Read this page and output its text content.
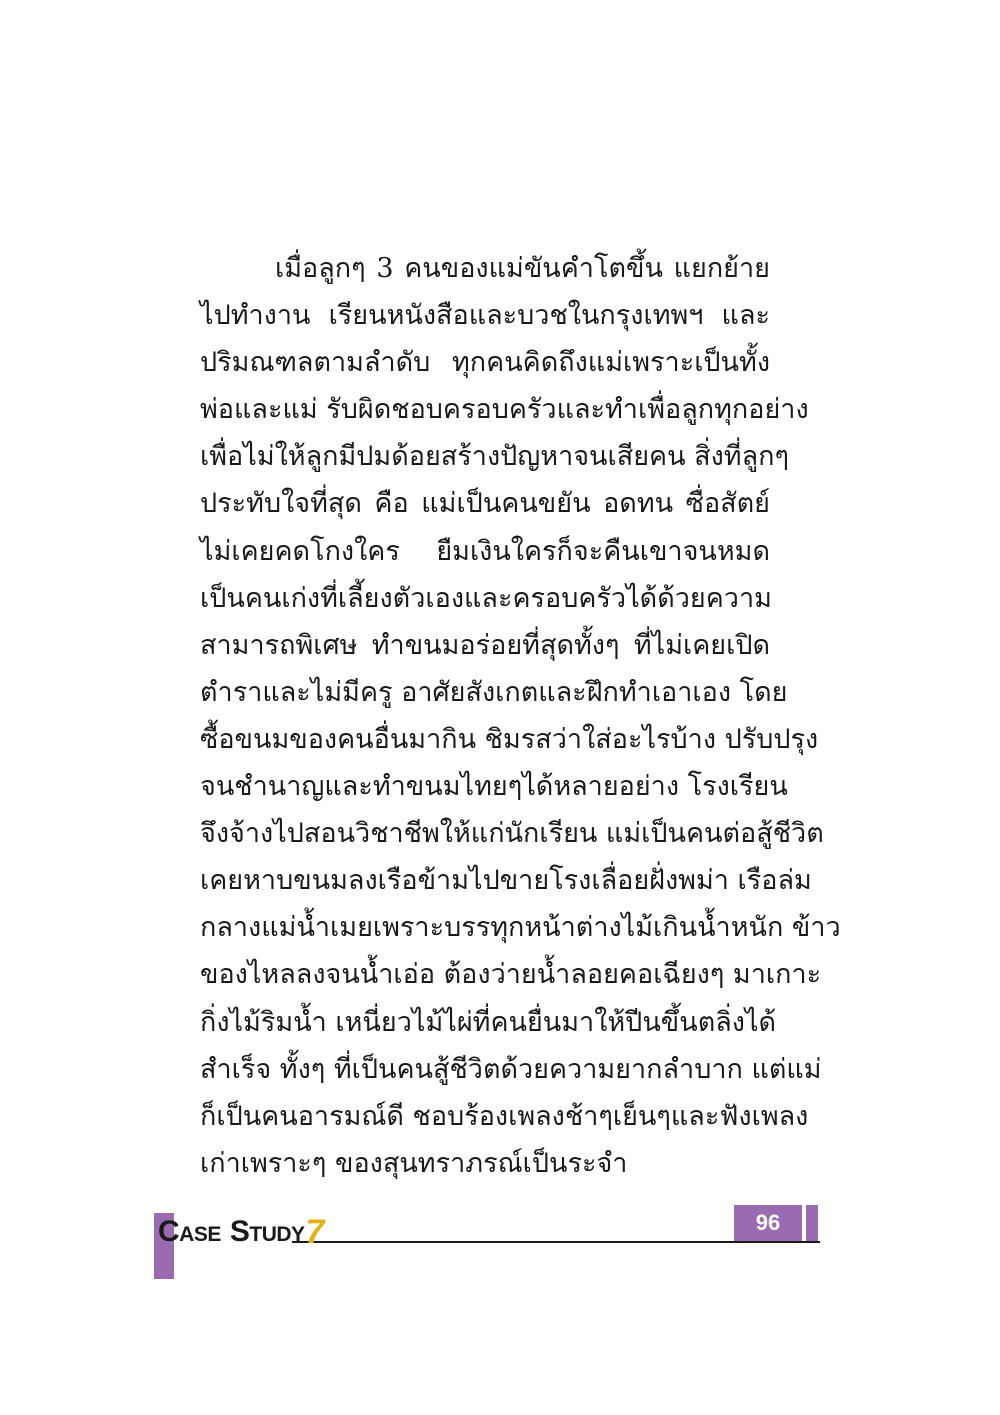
เมื่อลูกๆ 3 คนของแม่ขันคำโตขึ้น แยกย้าย
ไปทำงาน เรียนหนังสือและบวชในกรุงเทพฯ และ
ปริมณฑลตามลำดับ ทุกคนคิดถึงแม่เพราะเป็นทั้ง
พ่อและแม่ รับผิดชอบครอบครัวและทำเพื่อลูกทุกอย่าง
เพื่อไม่ให้ลูกมีปมด้อยสร้างปัญหาจนเสียคน สิ่งที่ลูกๆ
ประทับใจที่สุด คือ แม่เป็นคนขยัน อดทน ซื่อสัตย์
ไม่เคยคดโกงใคร ยืมเงินใครก็จะคืนเขาจนหมด
เป็นคนเก่งที่เลี้ยงตัวเองและครอบครัวได้ด้วยความ
สามารถพิเศษ ทำขนมอร่อยที่สุดทั้งๆ ที่ไม่เคยเปิด
ตำราและไม่มีครู อาศัยสังเกตและฝึกทำเอาเอง โดย
ซื้อขนมของคนอื่นมากิน ชิมรสว่าใส่อะไรบ้าง ปรับปรุง
จนชำนาญและทำขนมไทยๆได้หลายอย่าง โรงเรียน
จึงจ้างไปสอนวิชาชีพให้แก่นักเรียน แม่เป็นคนต่อสู้ชีวิต
เคยหาบขนมลงเรือข้ามไปขายโรงเลื่อยฝั่งพม่า เรือล่ม
กลางแม่น้ำเมยเพราะบรรทุกหน้าต่างไม้เกินน้ำหนัก ข้าว
ของไหลลงจนน้ำเอ่อ ต้องว่ายน้ำลอยคอเฉียงๆ มาเกาะ
กิ่งไม้ริมน้ำ เหนี่ยวไม้ไผ่ที่คนยื่นมาให้ปีนขึ้นตลิ่งได้
สำเร็จ ทั้งๆ ที่เป็นคนสู้ชีวิตด้วยความยากลำบาก แต่แม่
ก็เป็นคนอารมณ์ดี ชอบร้องเพลงช้าๆเย็นๆและฟังเพลง
เก่าเพราะๆ ของสุนทราภรณ์เป็นระจำ
C ASE S TUDY 7	96
